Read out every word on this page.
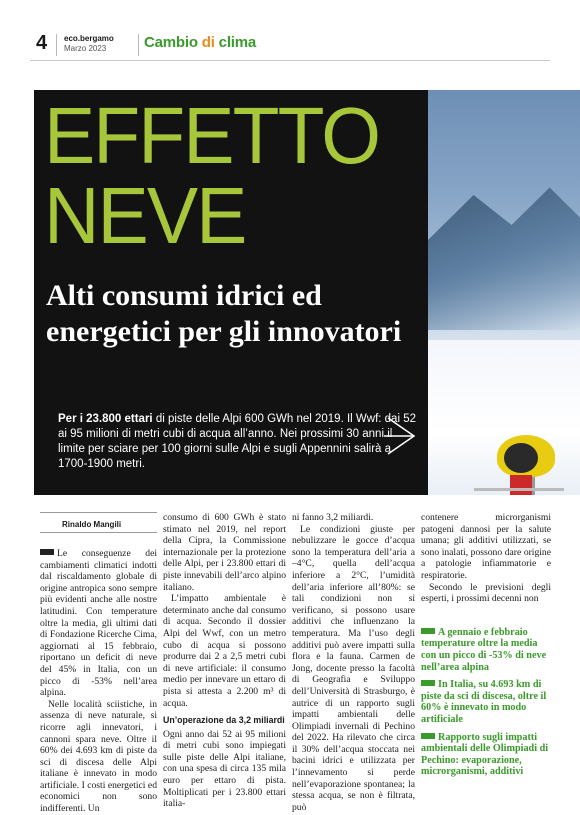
4 eco.bergamo
Marzo 2023	Cambio di clima
EFFETTO
NEVE
Alti consumi idrici ed energetici per gli innovatori
Per i 23.800 ettari di piste delle Alpi 600 GWh nel 2019. Il Wwf: dai 52 ai 95 milioni di metri cubi di acqua all’anno. Nei prossimi 30 anni il limite per sciare per 100 giorni sulle Alpi e sugli Appennini salirà a 1700-1900 metri.
Rinaldo Mangili

Le conseguenze dei cambiamenti climatici indotti dal riscaldamento globale di origine antropica sono sempre più evidenti anche alle nostre latitudini. Con temperature oltre la media, gli ultimi dati di Fondazione Ricerche Cima, aggiornati al 15 febbraio, riportano un deficit di neve del 45% in Italia, con un picco di -53% nell’area alpina.

Nelle località sciistiche, in assenza di neve naturale, si ricorre agli innevatori, i cannoni spara neve. Oltre il 60% dei 4.693 km di piste da sci di discesa delle Alpi italiane è innevato in modo artificiale. I costi energetici ed economici non sono indifferenti. Un

consumo di 600 GWh è stato stimato nel 2019, nel report della Cipra, la Commissione internazionale per la protezione delle Alpi, per i 23.800 ettari di piste innevabili dell’arco alpino italiano.

L’impatto ambientale è determinato anche dal consumo di acqua. Secondo il dossier Alpi del Wwf, con un metro cubo di acqua si possono produrre dai 2 a 2,5 metri cubi di neve artificiale: il consumo medio per innevare un ettaro di pista si attesta a 2.200 m³ di acqua.

Un’operazione da 3,2 miliardi

Ogni anno dai 52 ai 95 milioni di metri cubi sono impiegati sulle piste delle Alpi italiane, con una spesa di circa 135 mila euro per ettaro di pista. Moltiplicati per i 23.800 ettari italia-

ni fanno 3,2 miliardi.

Le condizioni giuste per nebulizzare le gocce d’acqua sono la temperatura dell’aria a –4°C, quella dell’acqua inferiore a 2°C, l’umidità dell’aria inferiore all’80%: se tali condizioni non si verificano, si possono usare additivi che influenzano la temperatura. Ma l’uso degli additivi può avere impatti sulla flora e la fauna. Carmen de Jong, docente presso la facoltà di Geografia e Sviluppo dell’Università di Strasburgo, è autrice di un rapporto sugli impatti ambientali delle Olimpiadi invernali di Pechino del 2022. Ha rilevato che circa il 30% dell’acqua stoccata nei bacini idrici e utilizzata per l’innevamento si perde nell’evaporazione spontanea; la stessa acqua, se non è filtrata, può

contenere microrganismi patogeni dannosi per la salute umana; gli additivi utilizzati, se sono inalati, possono dare origine a patologie infiammatorie e respiratorie.

Secondo le previsioni degli esperti, i prossimi decenni non

A gennaio e febbraio temperature oltre la media con un picco di -53% di neve nell’area alpina
In Italia, su 4.693 km di piste da sci di discesa, oltre il 60% è innevato in modo artificiale
Rapporto sugli impatti ambientali delle Olimpiadi di Pechino: evaporazione, microrganismi, additivi
